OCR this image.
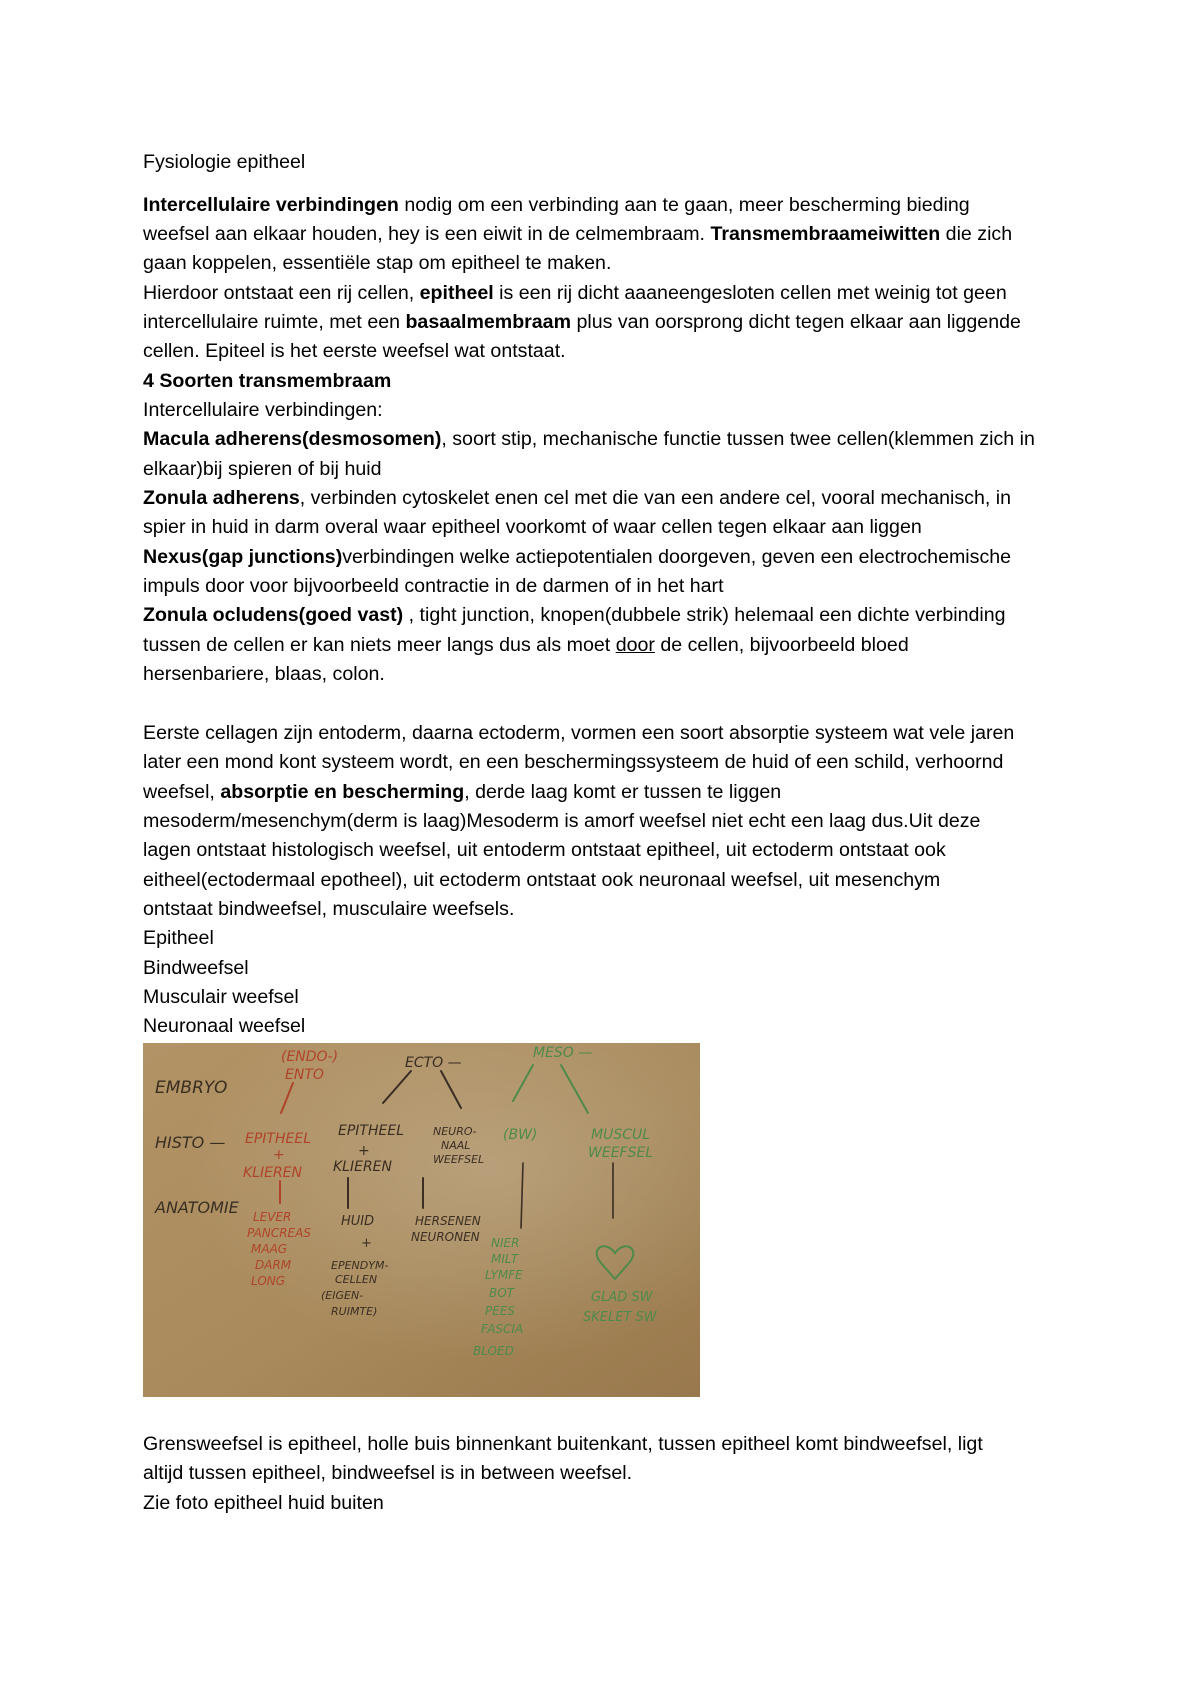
Fysiologie epitheel
Intercellulaire verbindingen nodig om een verbinding aan te gaan, meer bescherming bieding
weefsel aan elkaar houden, hey is een eiwit in de celmembraam. Transmembraameiwitten die zich
gaan koppelen, essentiële stap om epitheel te maken.
Hierdoor ontstaat een rij cellen, epitheel is een rij dicht aaaneengesloten cellen met weinig tot geen
intercellulaire ruimte, met een basaalmembraam plus van oorsprong dicht tegen elkaar aan liggende
cellen. Epiteel is het eerste weefsel wat ontstaat.
4 Soorten transmembraam
Intercellulaire verbindingen:
Macula adherens(desmosomen), soort stip, mechanische functie tussen twee cellen(klemmen zich in
elkaar)bij spieren of bij huid
Zonula adherens, verbinden cytoskelet enen cel met die van een andere cel, vooral mechanisch, in
spier in huid in darm overal waar epitheel voorkomt of waar cellen tegen elkaar aan liggen
Nexus(gap junctions)verbindingen welke actiepotentialen doorgeven, geven een electrochemische
impuls door voor bijvoorbeeld contractie in de darmen of in het hart
Zonula ocludens(goed vast) , tight junction, knopen(dubbele strik) helemaal een dichte verbinding
tussen de cellen er kan niets meer langs dus als moet door de cellen, bijvoorbeeld bloed
hersenbariere, blaas, colon.
Eerste cellagen zijn entoderm, daarna ectoderm, vormen een soort absorptie systeem wat vele jaren
later een mond kont systeem wordt, en een beschermingssysteem de huid of een schild, verhoornd
weefsel, absorptie en bescherming, derde laag komt er tussen te liggen
mesoderm/mesenchym(derm is laag)Mesoderm is amorf weefsel niet echt een laag dus.Uit deze
lagen ontstaat histologisch weefsel, uit entoderm ontstaat epitheel, uit ectoderm ontstaat ook
eitheel(ectodermaal epotheel), uit ectoderm ontstaat ook neuronaal weefsel, uit mesenchym
ontstaat bindweefsel, musculaire weefsels.
Epitheel
Bindweefsel
Musculair weefsel
Neuronaal weefsel
EMBRYO
HISTO —
ANATOMIE
(ENDO-)
ENTO
ECTO —
MESO —
EPITHEEL
+
KLIEREN
EPITHEEL
+
KLIEREN
NEURO-
NAAL
WEEFSEL
(BW)	MUSCUL
WEEFSEL
LEVER
PANCREAS
MAAG
DARM
LONG
HUID
+
EPENDYM-
CELLEN
(EIGEN-
RUIMTE)
HERSENEN
NEURONEN NIER
MILT
LYMFE
BOT
PEES
FASCIA
BLOED
GLAD SW
SKELET SW
Grensweefsel is epitheel, holle buis binnenkant buitenkant, tussen epitheel komt bindweefsel, ligt
altijd tussen epitheel, bindweefsel is in between weefsel.
Zie foto epitheel huid buiten
